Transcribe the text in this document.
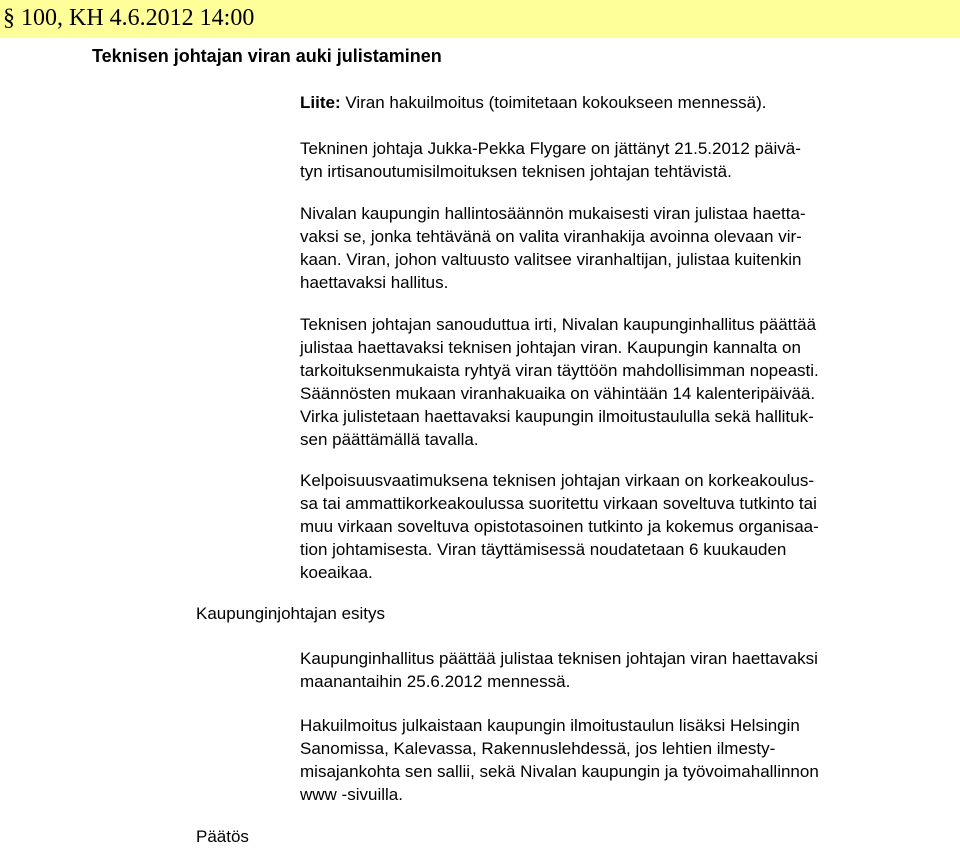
§ 100, KH 4.6.2012 14:00
Teknisen johtajan viran auki julistaminen
Liite: Viran hakuilmoitus (toimitetaan kokoukseen mennessä).
Tekninen johtaja Jukka-Pekka Flygare on jättänyt 21.5.2012 päivä-
tyn irtisanoutumisilmoituksen teknisen johtajan tehtävistä.
Nivalan kaupungin hallintosäännön mukaisesti viran julistaa haetta-
vaksi se, jonka tehtävänä on valita viranhakija avoinna olevaan vir-
kaan. Viran, johon valtuusto valitsee viranhaltijan, julistaa kuitenkin
haettavaksi hallitus.
Teknisen johtajan sanouduttua irti, Nivalan kaupunginhallitus päättää
julistaa haettavaksi teknisen johtajan viran. Kaupungin kannalta on
tarkoituksenmukaista ryhtyä viran täyttöön mahdollisimman nopeasti.
Säännösten mukaan viranhakuaika on vähintään 14 kalenteripäivää.
Virka julistetaan haettavaksi kaupungin ilmoitustaululla sekä hallituk-
sen päättämällä tavalla.
Kelpoisuusvaatimuksena teknisen johtajan virkaan on korkeakoulus-
sa tai ammattikorkeakoulussa suoritettu virkaan soveltuva tutkinto tai
muu virkaan soveltuva opistotasoinen tutkinto ja kokemus organisaa-
tion johtamisesta. Viran täyttämisessä noudatetaan 6 kuukauden
koeaikaa.
Kaupunginjohtajan esitys
Kaupunginhallitus päättää julistaa teknisen johtajan viran haettavaksi
maanantaihin 25.6.2012 mennessä.
Hakuilmoitus julkaistaan kaupungin ilmoitustaulun lisäksi Helsingin
Sanomissa, Kalevassa, Rakennuslehdessä, jos lehtien ilmesty-
misajankohta sen sallii, sekä Nivalan kaupungin ja työvoimahallinnon
www -sivuilla.
Päätös
